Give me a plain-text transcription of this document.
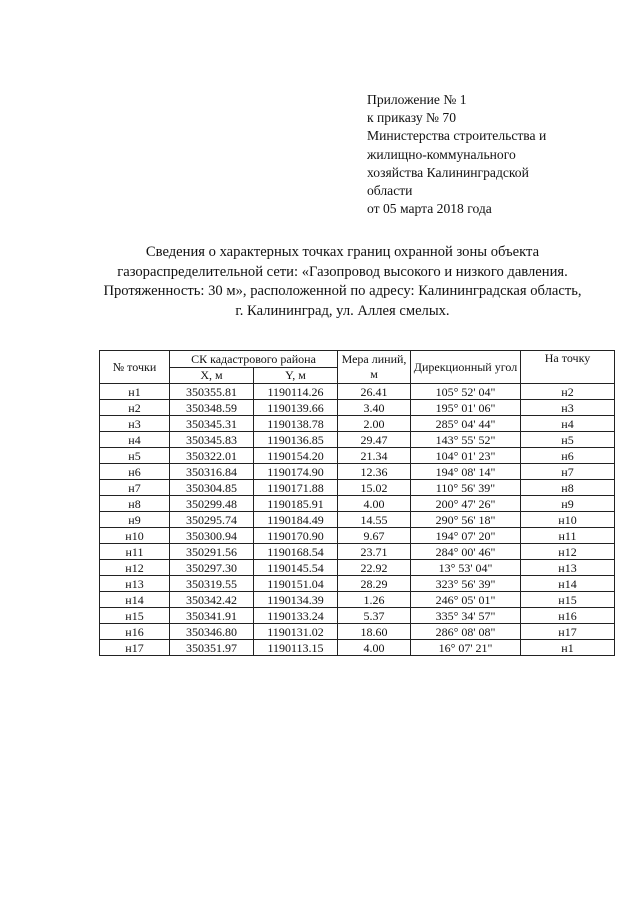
Приложение № 1
к приказу № 70
Министерства строительства и
жилищно-коммунального
хозяйства Калининградской
области
от 05 марта 2018 года
Сведения о характерных точках границ охранной зоны объекта
газораспределительной сети: «Газопровод высокого и низкого давления.
Протяженность: 30 м», расположенной по адресу: Калининградская область,
г. Калининград, ул. Аллея смелых.
№ точки	СК кадастрового района		Мера линий, м	Дирекционный угол	На точку
	X, м	Y, м			
н1	350355.81	1190114.26	26.41	105° 52' 04"	н2
н2	350348.59	1190139.66	3.40	195° 01' 06"	н3
н3	350345.31	1190138.78	2.00	285° 04' 44"	н4
н4	350345.83	1190136.85	29.47	143° 55' 52"	н5
н5	350322.01	1190154.20	21.34	104° 01' 23"	н6
н6	350316.84	1190174.90	12.36	194° 08' 14"	н7
н7	350304.85	1190171.88	15.02	110° 56' 39"	н8
н8	350299.48	1190185.91	4.00	200° 47' 26"	н9
н9	350295.74	1190184.49	14.55	290° 56' 18"	н10
н10	350300.94	1190170.90	9.67	194° 07' 20"	н11
н11	350291.56	1190168.54	23.71	284° 00' 46"	н12
н12	350297.30	1190145.54	22.92	13° 53' 04"	н13
н13	350319.55	1190151.04	28.29	323° 56' 39"	н14
н14	350342.42	1190134.39	1.26	246° 05' 01"	н15
н15	350341.91	1190133.24	5.37	335° 34' 57"	н16
н16	350346.80	1190131.02	18.60	286° 08' 08"	н17
н17	350351.97	1190113.15	4.00	16° 07' 21"	н1
